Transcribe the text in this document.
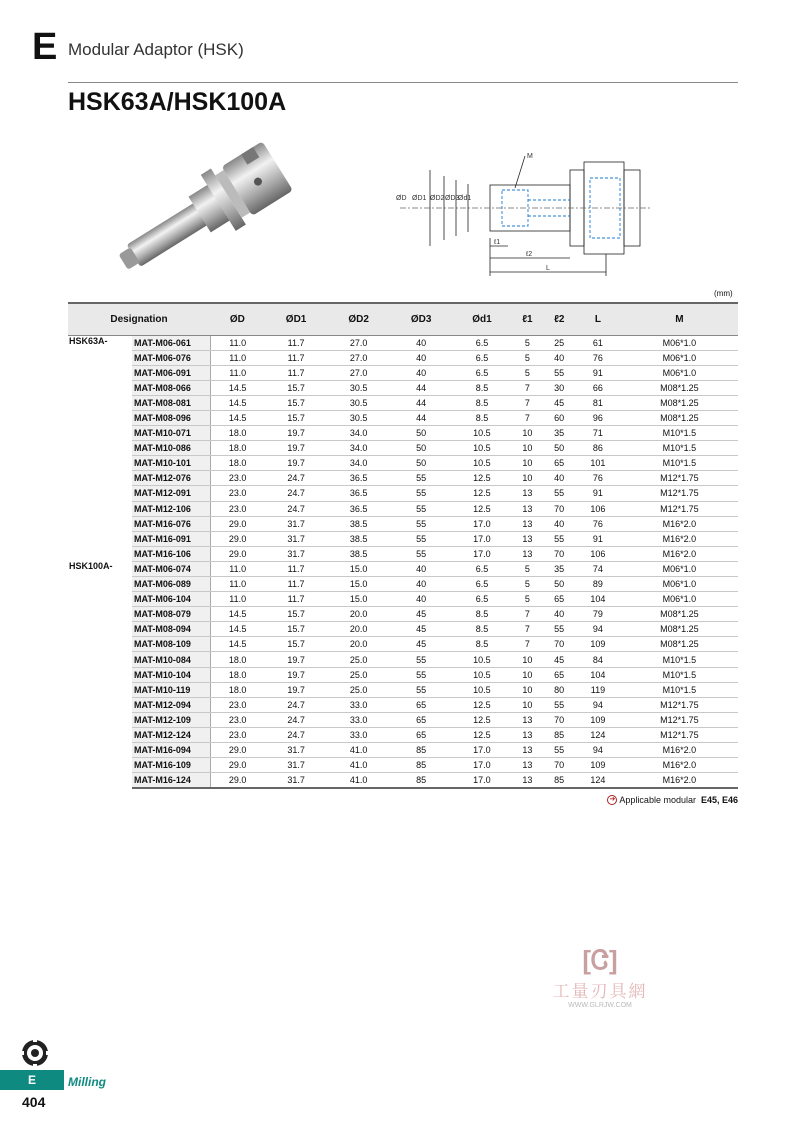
E Modular Adaptor (HSK)
HSK63A/HSK100A
M
ØD ØD1 ØD2 ØD3
Ød1
ℓ1
ℓ2
L
(mm)
Designation		ØD	ØD1	ØD2	ØD3	Ød1	ℓ1	ℓ2	L	M
HSK63A-	MAT-M06-061	11.0	11.7	27.0	40	6.5	5	25	61	M06*1.0
	MAT-M06-076	11.0	11.7	27.0	40	6.5	5	40	76	M06*1.0
	MAT-M06-091	11.0	11.7	27.0	40	6.5	5	55	91	M06*1.0
	MAT-M08-066	14.5	15.7	30.5	44	8.5	7	30	66	M08*1.25
	MAT-M08-081	14.5	15.7	30.5	44	8.5	7	45	81	M08*1.25
	MAT-M08-096	14.5	15.7	30.5	44	8.5	7	60	96	M08*1.25
	MAT-M10-071	18.0	19.7	34.0	50	10.5	10	35	71	M10*1.5
	MAT-M10-086	18.0	19.7	34.0	50	10.5	10	50	86	M10*1.5
	MAT-M10-101	18.0	19.7	34.0	50	10.5	10	65	101	M10*1.5
	MAT-M12-076	23.0	24.7	36.5	55	12.5	10	40	76	M12*1.75
	MAT-M12-091	23.0	24.7	36.5	55	12.5	13	55	91	M12*1.75
	MAT-M12-106	23.0	24.7	36.5	55	12.5	13	70	106	M12*1.75
	MAT-M16-076	29.0	31.7	38.5	55	17.0	13	40	76	M16*2.0
	MAT-M16-091	29.0	31.7	38.5	55	17.0	13	55	91	M16*2.0
	MAT-M16-106	29.0	31.7	38.5	55	17.0	13	70	106	M16*2.0
HSK100A-	MAT-M06-074	11.0	11.7	15.0	40	6.5	5	35	74	M06*1.0
	MAT-M06-089	11.0	11.7	15.0	40	6.5	5	50	89	M06*1.0
	MAT-M06-104	11.0	11.7	15.0	40	6.5	5	65	104	M06*1.0
	MAT-M08-079	14.5	15.7	20.0	45	8.5	7	40	79	M08*1.25
	MAT-M08-094	14.5	15.7	20.0	45	8.5	7	55	94	M08*1.25
	MAT-M08-109	14.5	15.7	20.0	45	8.5	7	70	109	M08*1.25
	MAT-M10-084	18.0	19.7	25.0	55	10.5	10	45	84	M10*1.5
	MAT-M10-104	18.0	19.7	25.0	55	10.5	10	65	104	M10*1.5
	MAT-M10-119	18.0	19.7	25.0	55	10.5	10	80	119	M10*1.5
	MAT-M12-094	23.0	24.7	33.0	65	12.5	10	55	94	M12*1.75
	MAT-M12-109	23.0	24.7	33.0	65	12.5	13	70	109	M12*1.75
	MAT-M12-124	23.0	24.7	33.0	65	12.5	13	85	124	M12*1.75
	MAT-M16-094	29.0	31.7	41.0	85	17.0	13	55	94	M16*2.0
	MAT-M16-109	29.0	31.7	41.0	85	17.0	13	70	109	M16*2.0
	MAT-M16-124	29.0	31.7	41.0	85	17.0	13	85	124	M16*2.0
➔ Applicable modular E45, E46
[Ꮳ]
工量刃具網
WWW.GLRJW.COM
E	Milling
404
